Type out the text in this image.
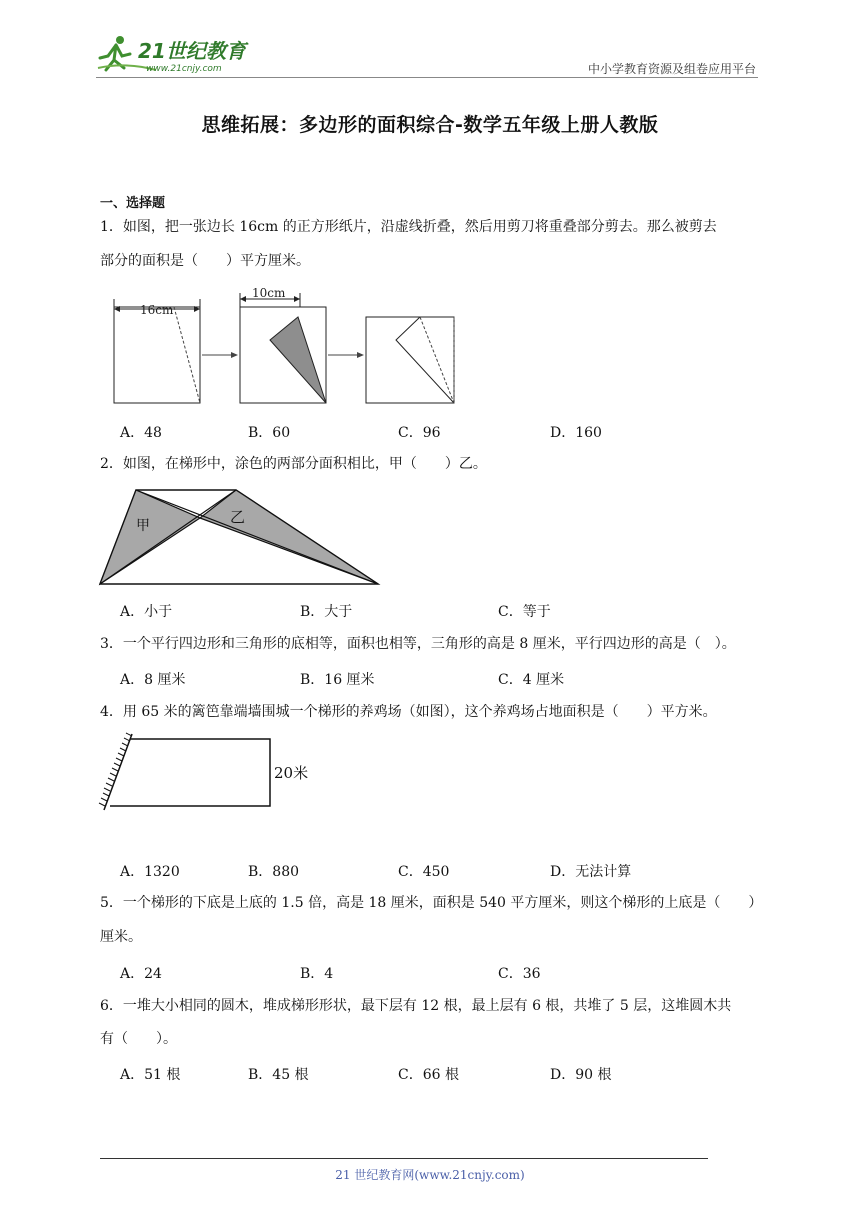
21世纪教育
www.21cnjy.com	中小学教育资源及组卷应用平台
思维拓展：多边形的面积综合-数学五年级上册人教版
一、选择题
1．如图，把一张边长 16cm 的正方形纸片，沿虚线折叠，然后用剪刀将重叠部分剪去。那么被剪去
部分的面积是（　　）平方厘米。
16cm
10cm
A．48	B．60	C．96	D．160
2．如图，在梯形中，涂色的两部分面积相比，甲（　　）乙。
甲	乙
A．小于	B．大于	C．等于
3．一个平行四边形和三角形的底相等，面积也相等，三角形的高是 8 厘米，平行四边形的高是（　）。
A．8 厘米	B．16 厘米	C．4 厘米
4．用 65 米的篱笆靠端墙围城一个梯形的养鸡场（如图），这个养鸡场占地面积是（　　）平方米。
20米
A．1320	B．880	C．450	D．无法计算
5．一个梯形的下底是上底的 1.5 倍，高是 18 厘米，面积是 540 平方厘米，则这个梯形的上底是（　　）
厘米。
A．24	B．4	C．36
6．一堆大小相同的圆木，堆成梯形形状，最下层有 12 根，最上层有 6 根，共堆了 5 层，这堆圆木共
有（　　）。
A．51 根	B．45 根	C．66 根	D．90 根
21 世纪教育网(www.21cnjy.com)
